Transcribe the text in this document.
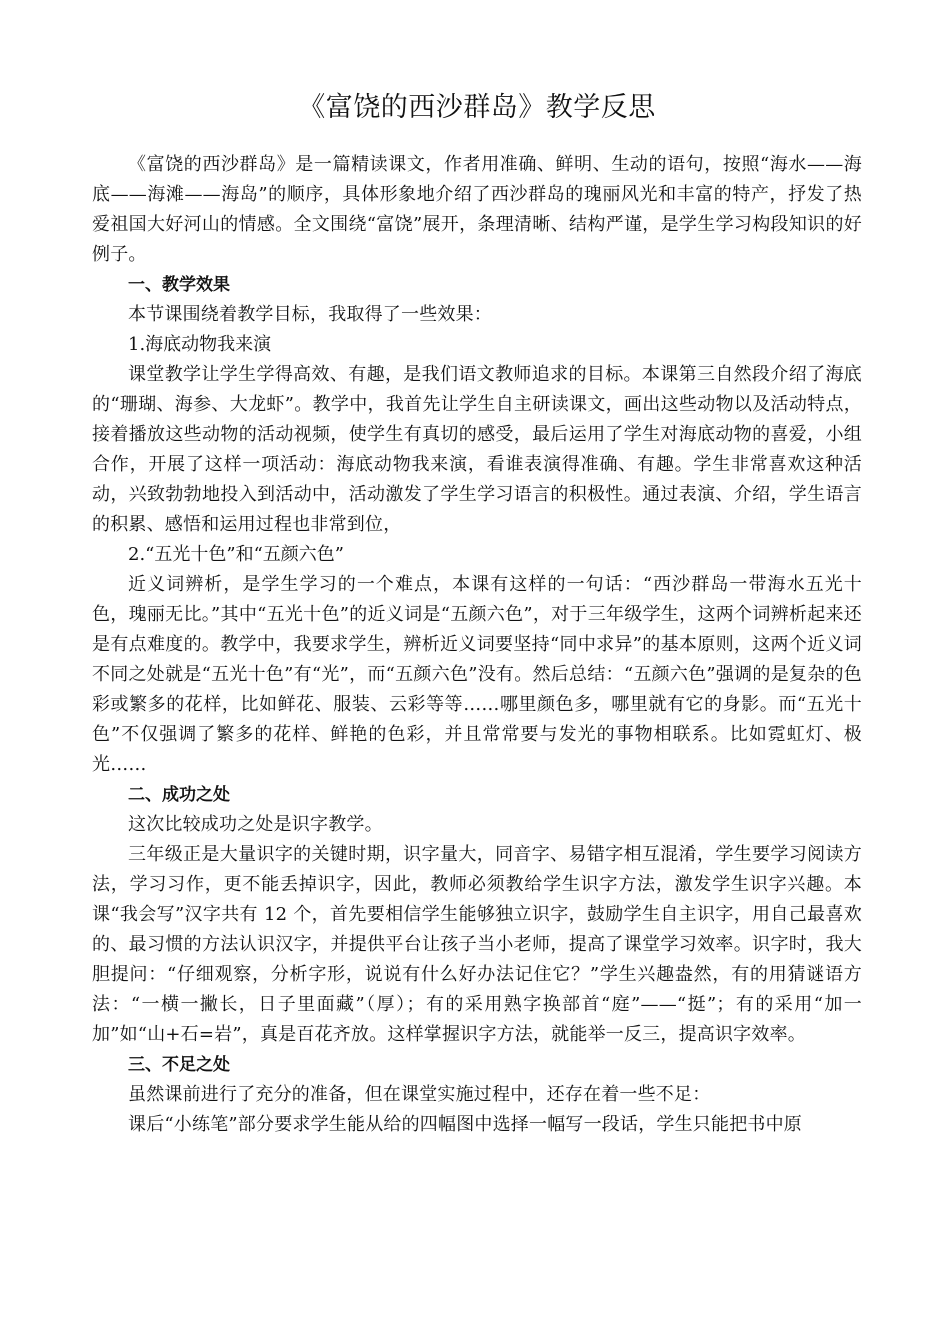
《富饶的西沙群岛》教学反思

《富饶的西沙群岛》是一篇精读课文，作者用准确、鲜明、生动的语句，按照“海水——海底——海滩——海岛”的顺序，具体形象地介绍了西沙群岛的瑰丽风光和丰富的特产，抒发了热爱祖国大好河山的情感。全文围绕“富饶”展开，条理清晰、结构严谨，是学生学习构段知识的好例子。

一、教学效果

本节课围绕着教学目标，我取得了一些效果：

1.海底动物我来演

课堂教学让学生学得高效、有趣，是我们语文教师追求的目标。本课第三自然段介绍了海底的“珊瑚、海参、大龙虾”。教学中，我首先让学生自主研读课文，画出这些动物以及活动特点，接着播放这些动物的活动视频，使学生有真切的感受，最后运用了学生对海底动物的喜爱，小组合作，开展了这样一项活动：海底动物我来演，看谁表演得准确、有趣。学生非常喜欢这种活动，兴致勃勃地投入到活动中，活动激发了学生学习语言的积极性。通过表演、介绍，学生语言的积累、感悟和运用过程也非常到位，

2.“五光十色”和“五颜六色”

近义词辨析，是学生学习的一个难点，本课有这样的一句话：“西沙群岛一带海水五光十色，瑰丽无比。”其中“五光十色”的近义词是“五颜六色”，对于三年级学生，这两个词辨析起来还是有点难度的。教学中，我要求学生，辨析近义词要坚持“同中求异”的基本原则，这两个近义词不同之处就是“五光十色”有“光”，而“五颜六色”没有。然后总结：“五颜六色”强调的是复杂的色彩或繁多的花样，比如鲜花、服装、云彩等等……哪里颜色多，哪里就有它的身影。而“五光十色”不仅强调了繁多的花样、鲜艳的色彩，并且常常要与发光的事物相联系。比如霓虹灯、极光……

二、成功之处

这次比较成功之处是识字教学。

三年级正是大量识字的关键时期，识字量大，同音字、易错字相互混淆，学生要学习阅读方法，学习习作，更不能丢掉识字，因此，教师必须教给学生识字方法，激发学生识字兴趣。本课“我会写”汉字共有 12 个，首先要相信学生能够独立识字，鼓励学生自主识字，用自己最喜欢的、最习惯的方法认识汉字，并提供平台让孩子当小老师，提高了课堂学习效率。识字时，我大胆提问：“仔细观察，分析字形，说说有什么好办法记住它？”学生兴趣盎然，有的用猜谜语方法：“一横一撇长，日子里面藏”（厚）；有的采用熟字换部首“庭”——“挺”；有的采用“加一加”如“山+石=岩”，真是百花齐放。这样掌握识字方法，就能举一反三，提高识字效率。

三、不足之处

虽然课前进行了充分的准备，但在课堂实施过程中，还存在着一些不足：

课后“小练笔”部分要求学生能从给的四幅图中选择一幅写一段话，学生只能把书中原
